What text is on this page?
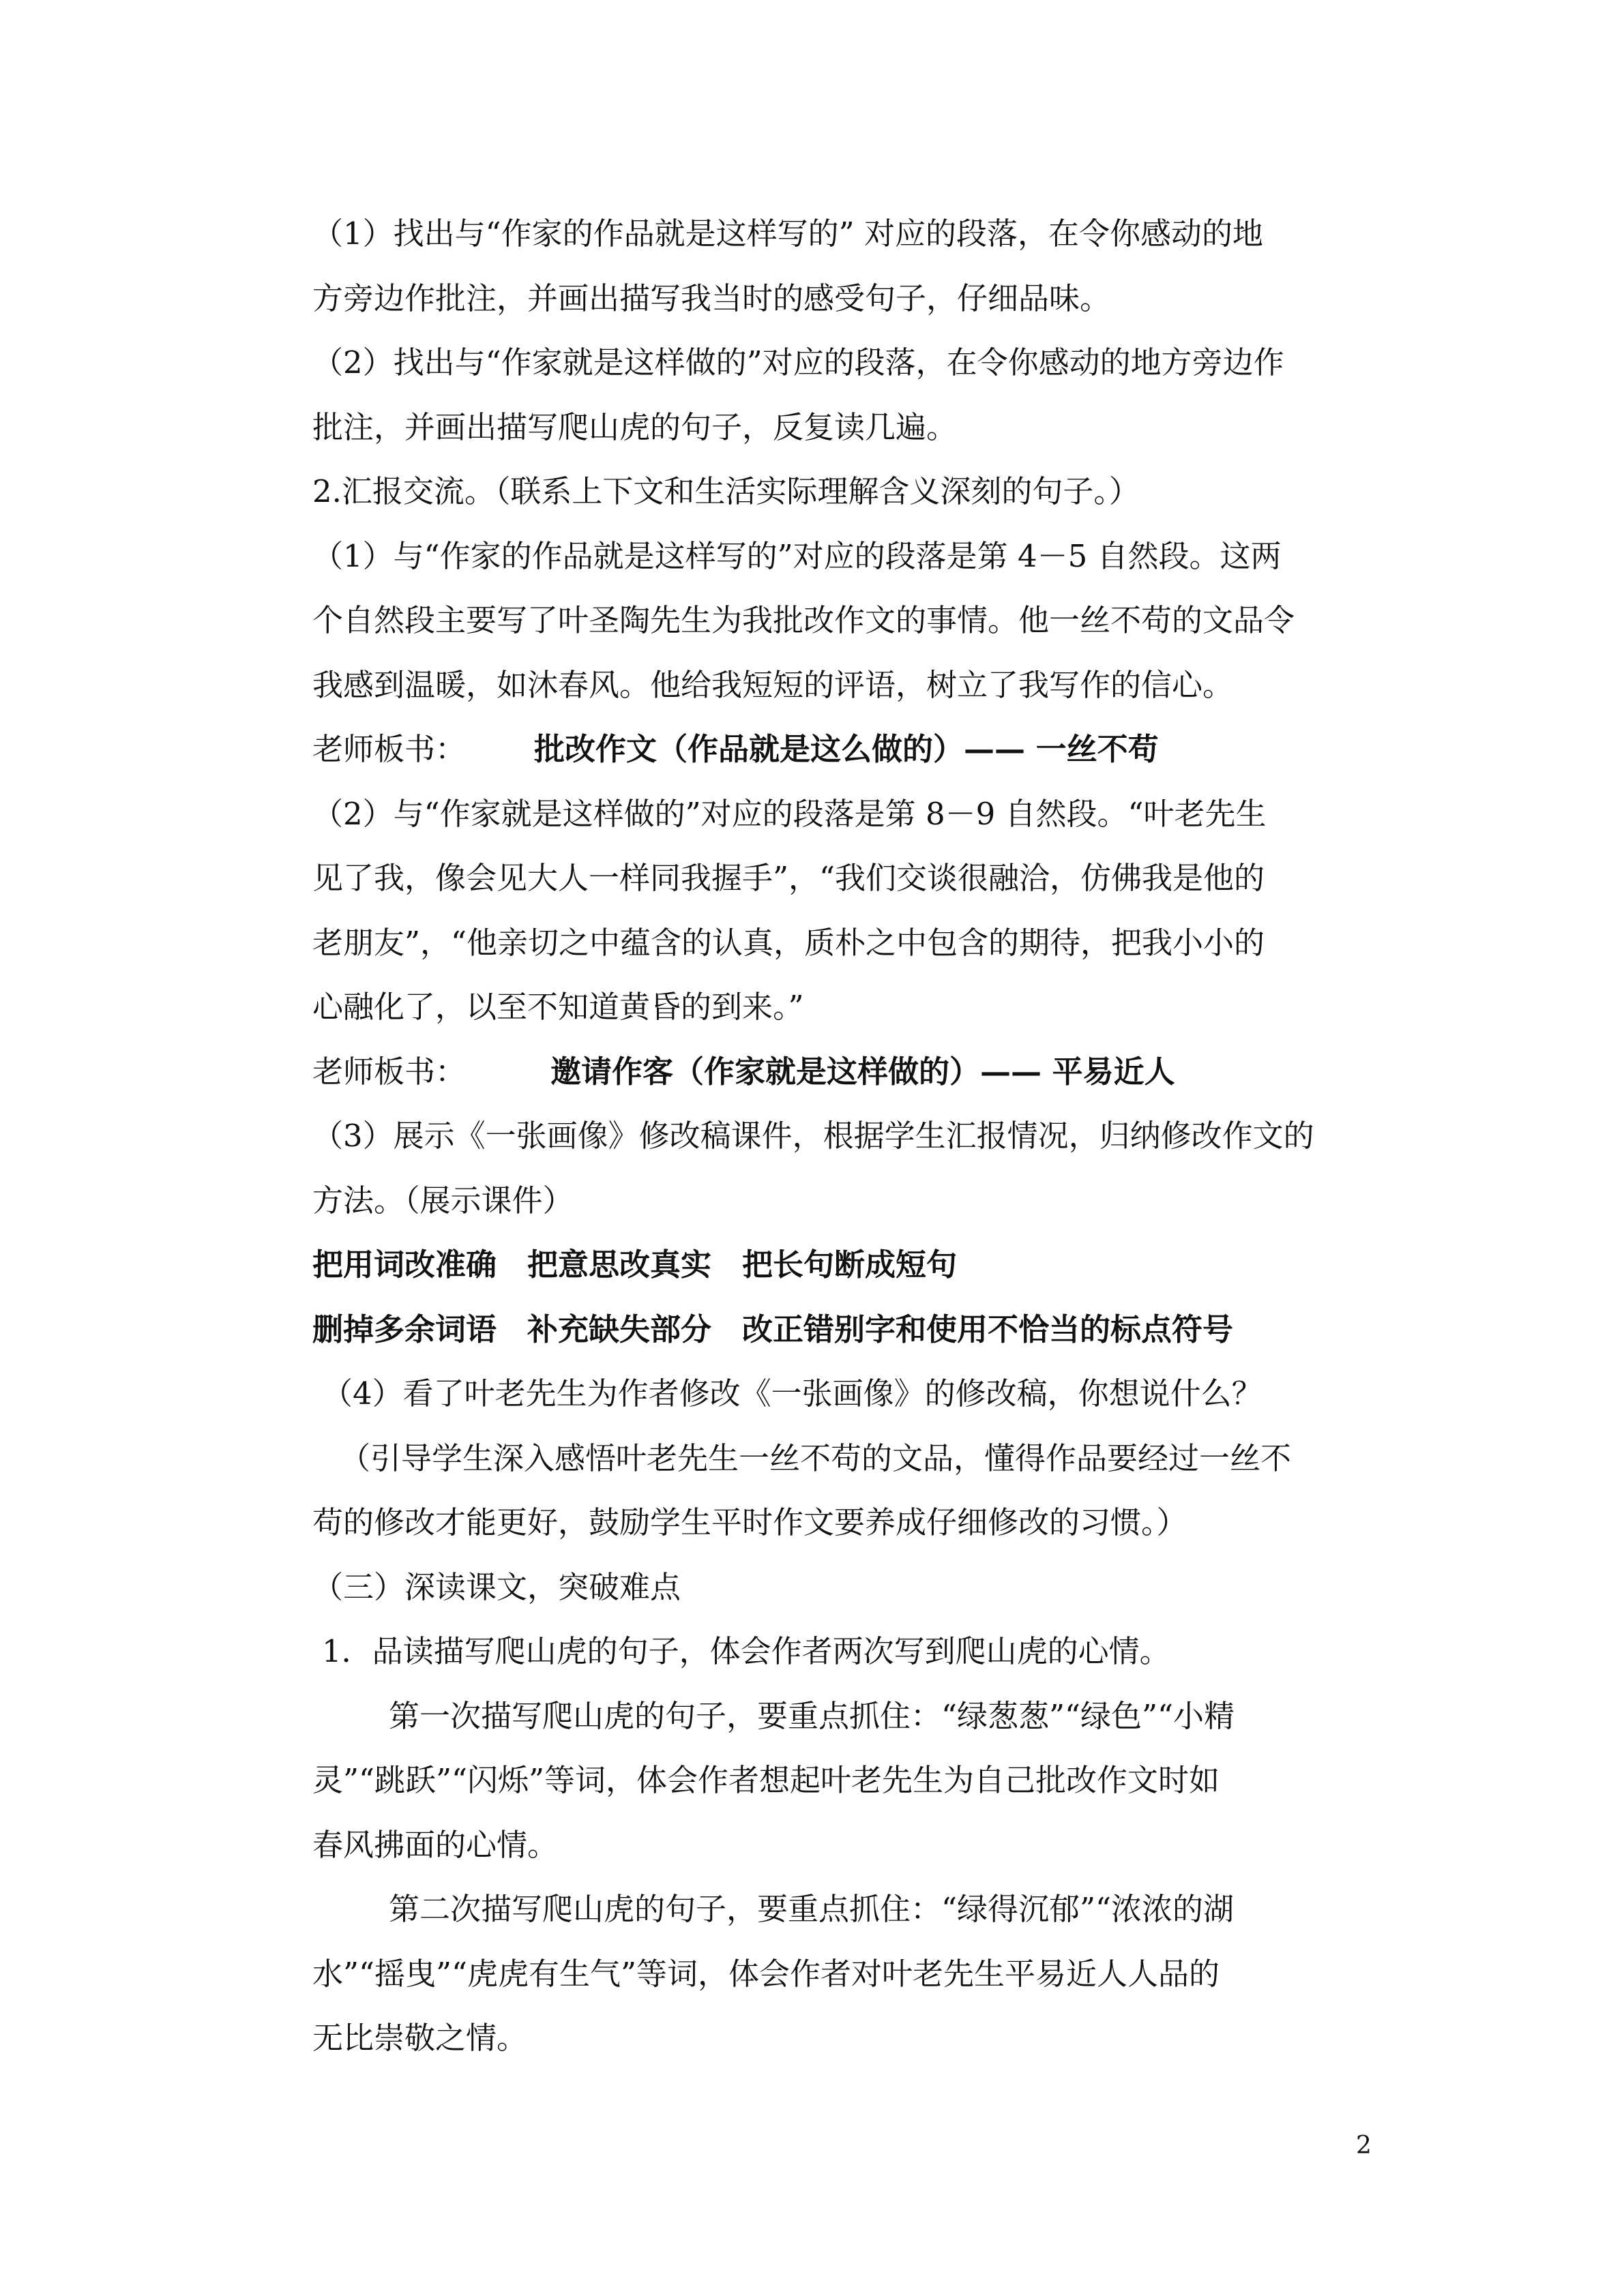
（1）找出与“作家的作品就是这样写的” 对应的段落，在令你感动的地
方旁边作批注，并画出描写我当时的感受句子，仔细品味。
（2）找出与“作家就是这样做的”对应的段落，在令你感动的地方旁边作
批注，并画出描写爬山虎的句子，反复读几遍。
2.汇报交流。（联系上下文和生活实际理解含义深刻的句子。）
（1）与“作家的作品就是这样写的”对应的段落是第 4－5 自然段。这两
个自然段主要写了叶圣陶先生为我批改作文的事情。他一丝不苟的文品令
我感到温暖，如沐春风。他给我短短的评语，树立了我写作的信心。
老师板书： 批改作文（作品就是这么做的）—— 一丝不苟
（2）与“作家就是这样做的”对应的段落是第 8－9 自然段。“叶老先生
见了我，像会见大人一样同我握手”，“我们交谈很融洽，仿佛我是他的
老朋友”，“他亲切之中蕴含的认真，质朴之中包含的期待，把我小小的
心融化了，以至不知道黄昏的到来。”
老师板书：	邀请作客（作家就是这样做的）—— 平易近人
（3）展示《一张画像》修改稿课件，根据学生汇报情况，归纳修改作文的
方法。（展示课件）
把用词改准确　把意思改真实　把长句断成短句
删掉多余词语　补充缺失部分　改正错别字和使用不恰当的标点符号
（4）看了叶老先生为作者修改《一张画像》的修改稿，你想说什么？
（引导学生深入感悟叶老先生一丝不苟的文品，懂得作品要经过一丝不
苟的修改才能更好，鼓励学生平时作文要养成仔细修改的习惯。）
（三）深读课文，突破难点
1．品读描写爬山虎的句子，体会作者两次写到爬山虎的心情。
第一次描写爬山虎的句子，要重点抓住：“绿葱葱”“绿色”“小精
灵”“跳跃”“闪烁”等词，体会作者想起叶老先生为自己批改作文时如
春风拂面的心情。
第二次描写爬山虎的句子，要重点抓住：“绿得沉郁”“浓浓的湖
水”“摇曳”“虎虎有生气”等词，体会作者对叶老先生平易近人人品的
无比崇敬之情。
2
